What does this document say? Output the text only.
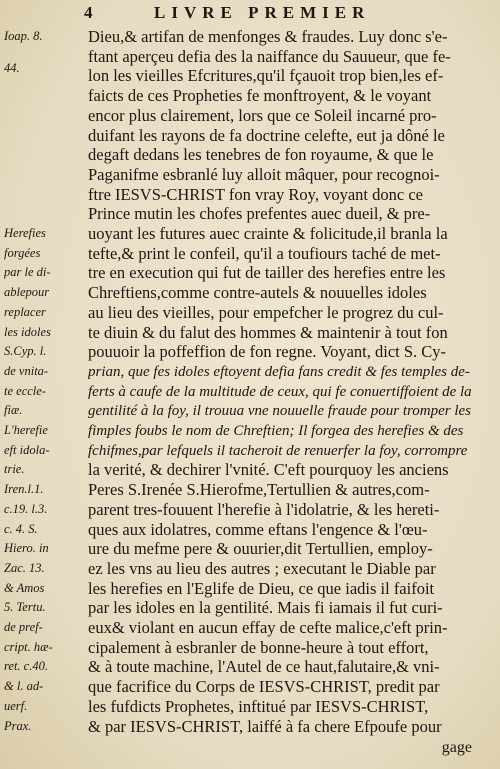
4	LIVRE PREMIER
Ioap. 8.
44.
Herefies
forgées
par le di-
ablepour
replacer
les idoles
S.Cyp. l.
de vnita-
te eccle-
fiæ.
L'herefie
eft idola-
trie.
Iren.l.1.
c.19. l.3.
c. 4. S.
Hiero. in
Zac. 13.
& Amos
5. Tertu.
de pref-
cript. hæ-
ret. c.40.
& l. ad-
uerf.
Prax.
Dieu,& artifan de menfonges & fraudes. Luy donc s'e-
ftant aperçeu defia des la naiffance du Sauueur, que fe-
lon les vieilles Efcritures,qu'il fçauoit trop bien,les ef-
faicts de ces Propheties fe monftroyent, & le voyant
encor plus clairement, lors que ce Soleil incarné pro-
duifant les rayons de fa doctrine celefte, eut ja dôné le
degaft dedans les tenebres de fon royaume, & que le
Paganifme esbranlé luy alloit mâquer, pour recognoi-
ftre IESVS-CHRIST fon vray Roy, voyant donc ce
Prince mutin les chofes prefentes auec dueil, & pre-
uoyant les futures auec crainte & folicitude,il branla la
tefte,& print le confeil, qu'il a toufiours taché de met-
tre en execution qui fut de tailler des herefies entre les
Chreftiens,comme contre-autels & nouuelles idoles
au lieu des vieilles, pour empefcher le progrez du cul-
te diuin & du falut des hommes & maintenir à tout fon
pouuoir la poffeffion de fon regne. Voyant, dict S. Cy-
prian, que fes idoles eftoyent defia fans credit & fes temples de-
ferts à caufe de la multitude de ceux, qui fe conuertiffoient de la
gentilité à la foy, il trouua vne nouuelle fraude pour tromper les
fimples foubs le nom de Chreftien; Il forgea des herefies & des
fchifmes,par lefquels il tacheroit de renuerfer la foy, corrompre
la verité, & dechirer l'vnité. C'eft pourquoy les anciens
Peres S.Irenée S.Hierofme,Tertullien & autres,com-
parent tres-fouuent l'herefie à l'idolatrie, & les hereti-
ques aux idolatres, comme eftans l'engence & l'œu-
ure du mefme pere & ouurier,dit Tertullien, employ-
ez les vns au lieu des autres ; executant le Diable par
les herefies en l'Eglife de Dieu, ce que iadis il faifoit
par les idoles en la gentilité. Mais fi iamais il fut curi-
eux& violant en aucun effay de cefte malice,c'eft prin-
cipalement à esbranler de bonne-heure à tout effort,
& à toute machine, l'Autel de ce haut,falutaire,& vni-
que facrifice du Corps de IESVS-CHRIST, predit par
les fufdicts Prophetes, inftitué par IESVS-CHRIST,
& par IESVS-CHRIST, laiffé à fa chere Efpoufe pour
gage
